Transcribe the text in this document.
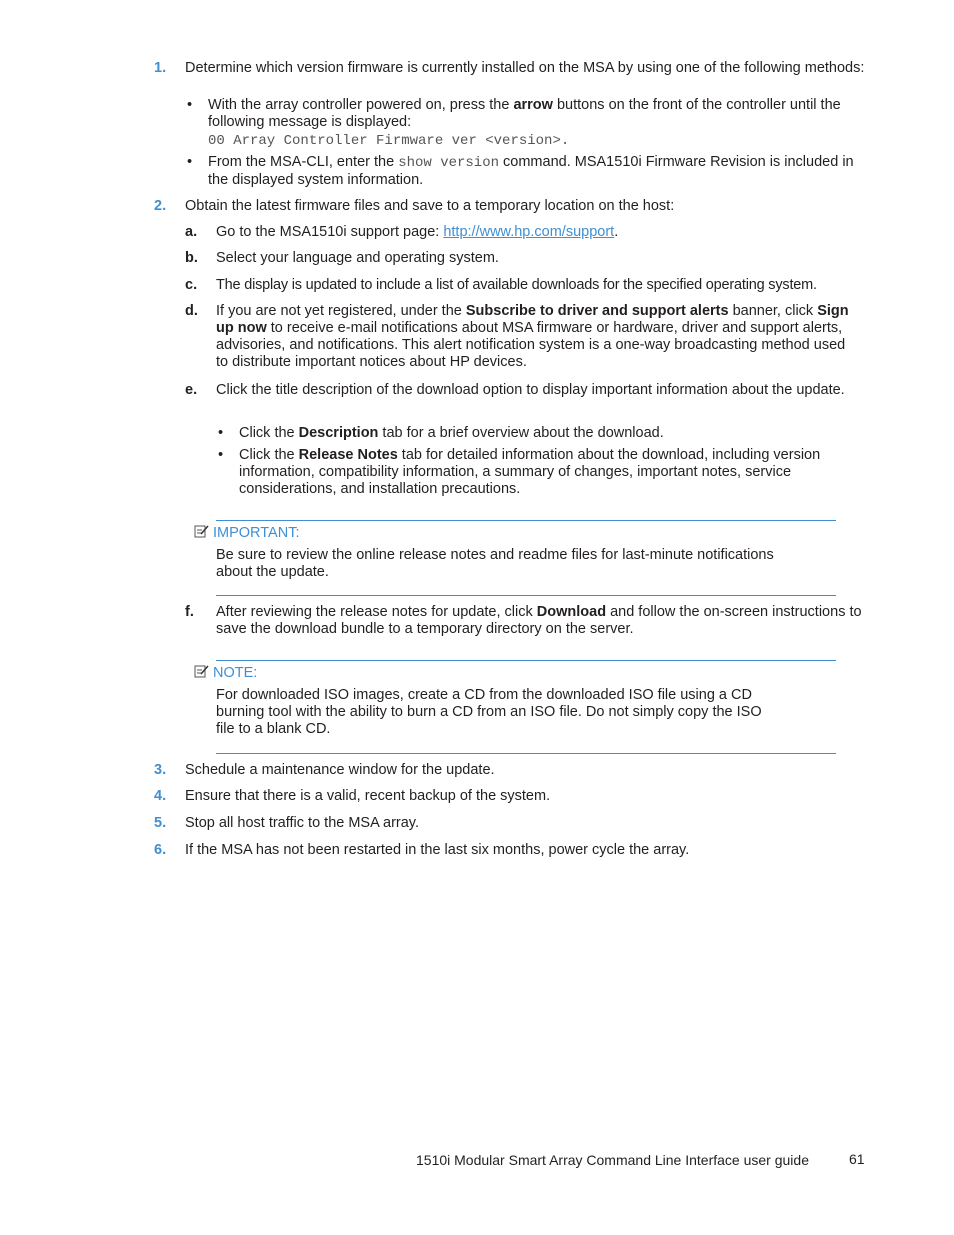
1. Determine which version firmware is currently installed on the MSA by using one of the following methods:
• With the array controller powered on, press the arrow buttons on the front of the controller until the following message is displayed:
00 Array Controller Firmware ver <version>.
• From the MSA-CLI, enter the show version command. MSA1510i Firmware Revision is included in the displayed system information.
2. Obtain the latest firmware files and save to a temporary location on the host:
a. Go to the MSA1510i support page: http://www.hp.com/support.
b. Select your language and operating system.
c. The display is updated to include a list of available downloads for the specified operating system.
d. If you are not yet registered, under the Subscribe to driver and support alerts banner, click Sign up now to receive e-mail notifications about MSA firmware or hardware, driver and support alerts, advisories, and notifications. This alert notification system is a one-way broadcasting method used to distribute important notices about HP devices.
e. Click the title description of the download option to display important information about the update.
• Click the Description tab for a brief overview about the download.
• Click the Release Notes tab for detailed information about the download, including version information, compatibility information, a summary of changes, important notes, service considerations, and installation precautions.
IMPORTANT:
Be sure to review the online release notes and readme files for last-minute notifications about the update.
f. After reviewing the release notes for update, click Download and follow the on-screen instructions to save the download bundle to a temporary directory on the server.
NOTE:
For downloaded ISO images, create a CD from the downloaded ISO file using a CD burning tool with the ability to burn a CD from an ISO file. Do not simply copy the ISO file to a blank CD.
3. Schedule a maintenance window for the update.
4. Ensure that there is a valid, recent backup of the system.
5. Stop all host traffic to the MSA array.
6. If the MSA has not been restarted in the last six months, power cycle the array.
1510i Modular Smart Array Command Line Interface user guide	61
